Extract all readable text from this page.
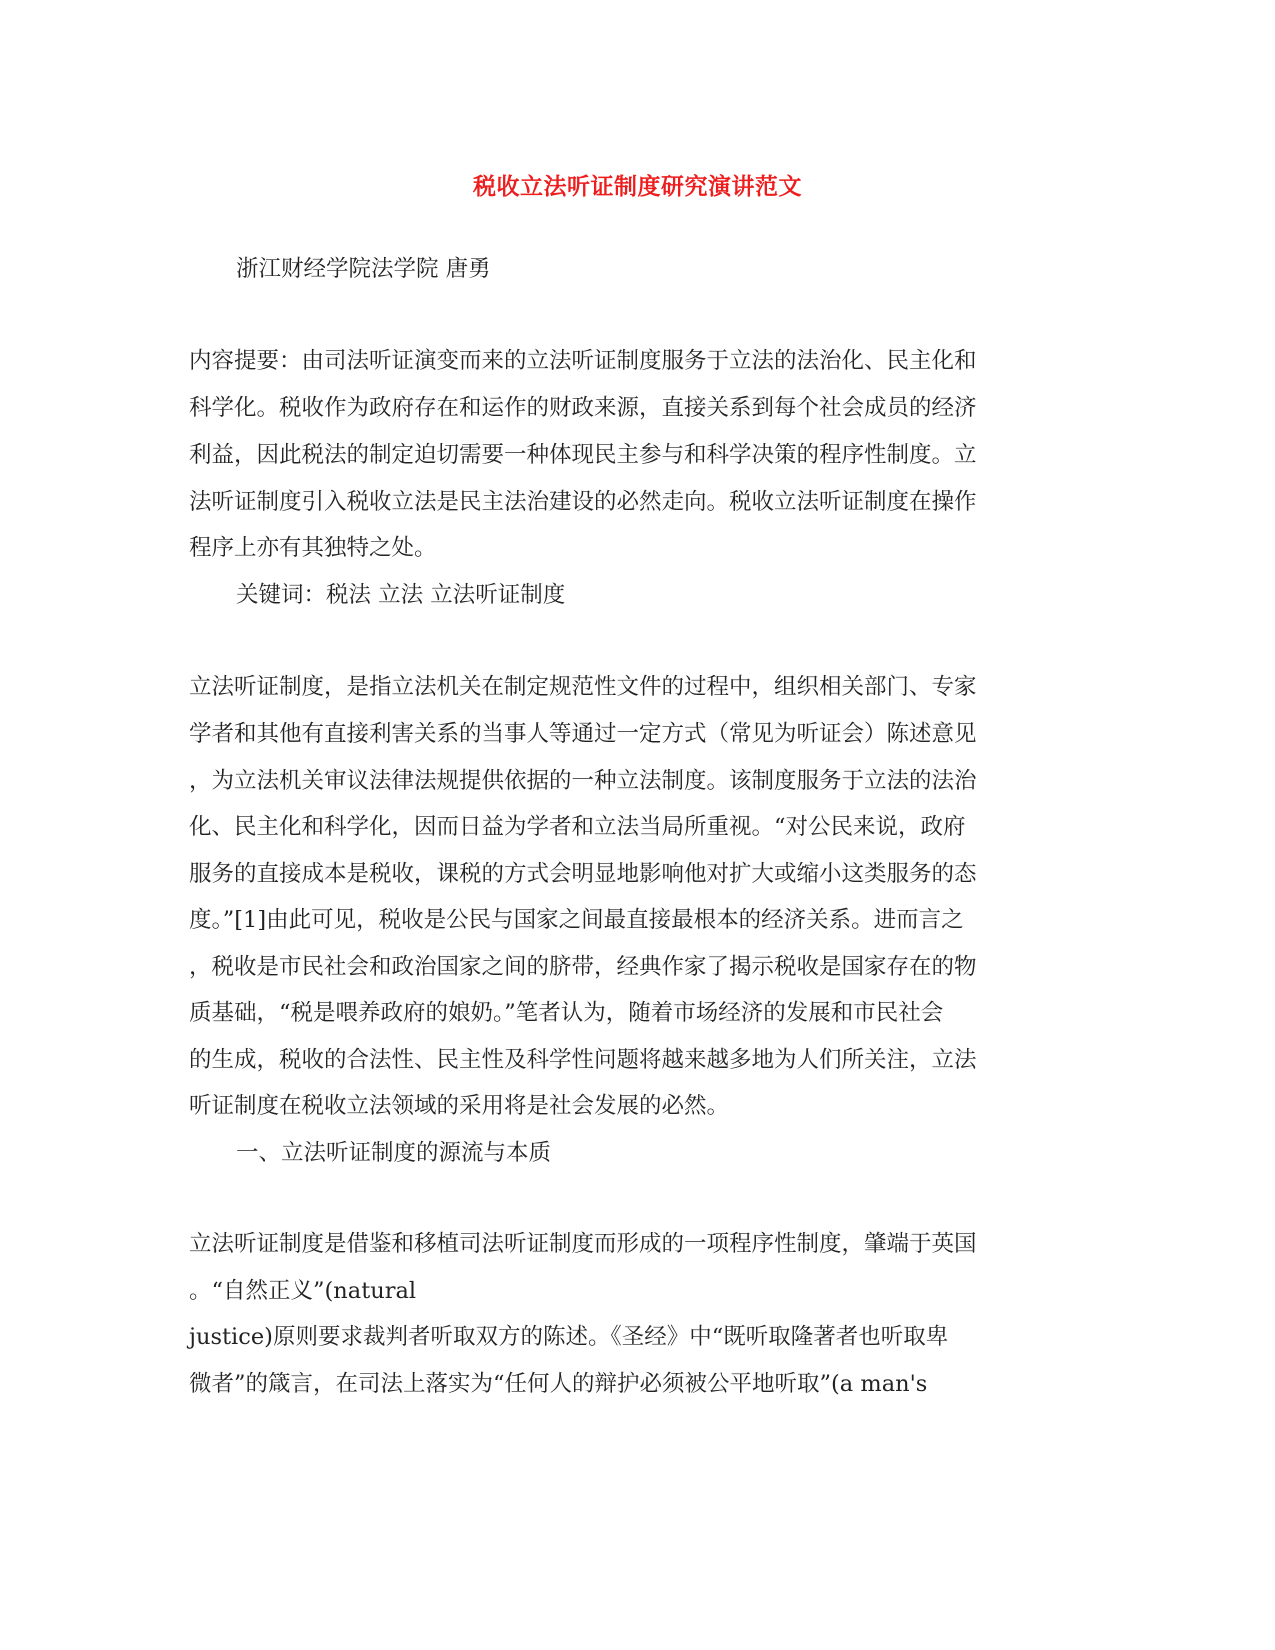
税收立法听证制度研究演讲范文
浙江财经学院法学院 唐勇
内容提要：由司法听证演变而来的立法听证制度服务于立法的法治化、民主化和
科学化。税收作为政府存在和运作的财政来源，直接关系到每个社会成员的经济
利益，因此税法的制定迫切需要一种体现民主参与和科学决策的程序性制度。立
法听证制度引入税收立法是民主法治建设的必然走向。税收立法听证制度在操作
程序上亦有其独特之处。
关键词：税法 立法 立法听证制度
立法听证制度，是指立法机关在制定规范性文件的过程中，组织相关部门、专家
学者和其他有直接利害关系的当事人等通过一定方式（常见为听证会）陈述意见
，为立法机关审议法律法规提供依据的一种立法制度。该制度服务于立法的法治
化、民主化和科学化，因而日益为学者和立法当局所重视。“对公民来说，政府
服务的直接成本是税收，课税的方式会明显地影响他对扩大或缩小这类服务的态
度。”[1]由此可见，税收是公民与国家之间最直接最根本的经济关系。进而言之
，税收是市民社会和政治国家之间的脐带，经典作家了揭示税收是国家存在的物
质基础，“税是喂养政府的娘奶。”笔者认为，随着市场经济的发展和市民社会
的生成，税收的合法性、民主性及科学性问题将越来越多地为人们所关注，立法
听证制度在税收立法领域的采用将是社会发展的必然。
一、立法听证制度的源流与本质
立法听证制度是借鉴和移植司法听证制度而形成的一项程序性制度，肇端于英国
。“自然正义”(natural
justice)原则要求裁判者听取双方的陈述。《圣经》中“既听取隆著者也听取卑
微者”的箴言，在司法上落实为“任何人的辩护必须被公平地听取”(a man's
